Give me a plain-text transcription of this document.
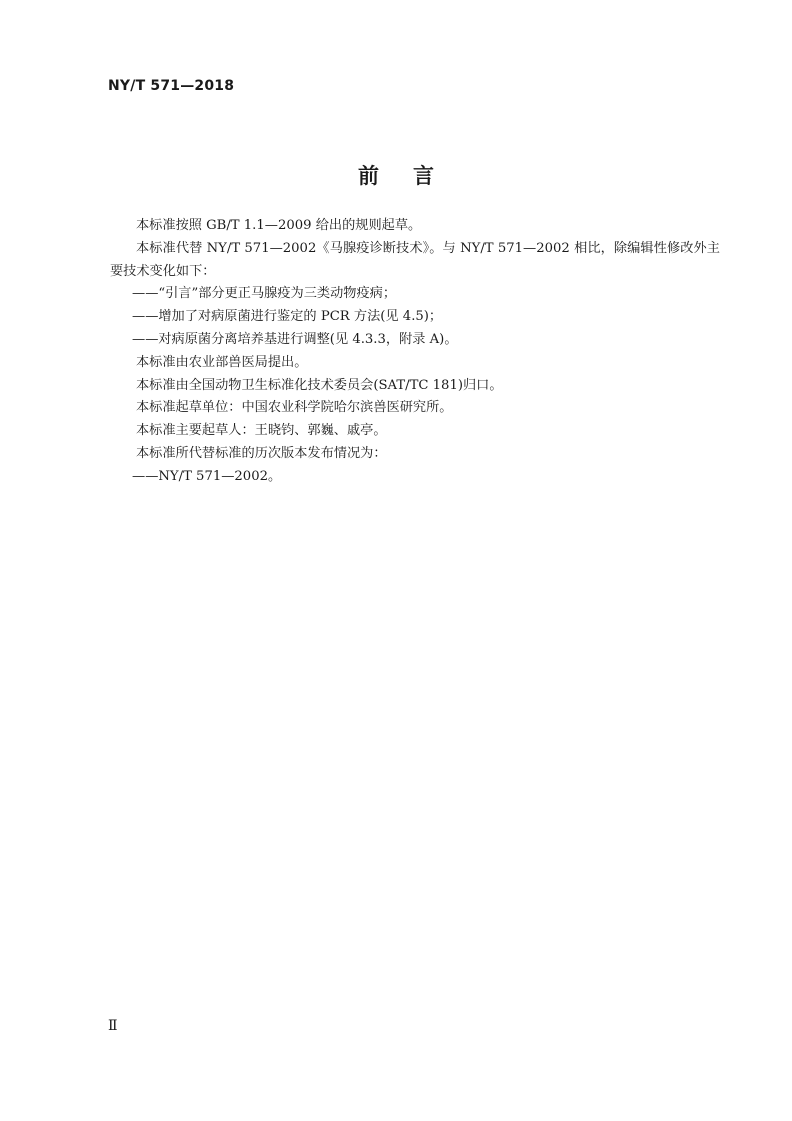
NY/T 571—2018
前言

本标准按照 GB/T 1.1—2009 给出的规则起草。

本标准代替 NY/T 571—2002《马腺疫诊断技术》。与 NY/T 571—2002 相比，除编辑性修改外主要技术变化如下：

——“引言”部分更正马腺疫为三类动物疫病；

——增加了对病原菌进行鉴定的 PCR 方法(见 4.5)；

——对病原菌分离培养基进行调整(见 4.3.3，附录 A)。

本标准由农业部兽医局提出。

本标准由全国动物卫生标准化技术委员会(SAT/TC 181)归口。

本标准起草单位：中国农业科学院哈尔滨兽医研究所。

本标准主要起草人：王晓钧、郭巍、戚亭。

本标准所代替标准的历次版本发布情况为：

——NY/T 571—2002。

Ⅱ
